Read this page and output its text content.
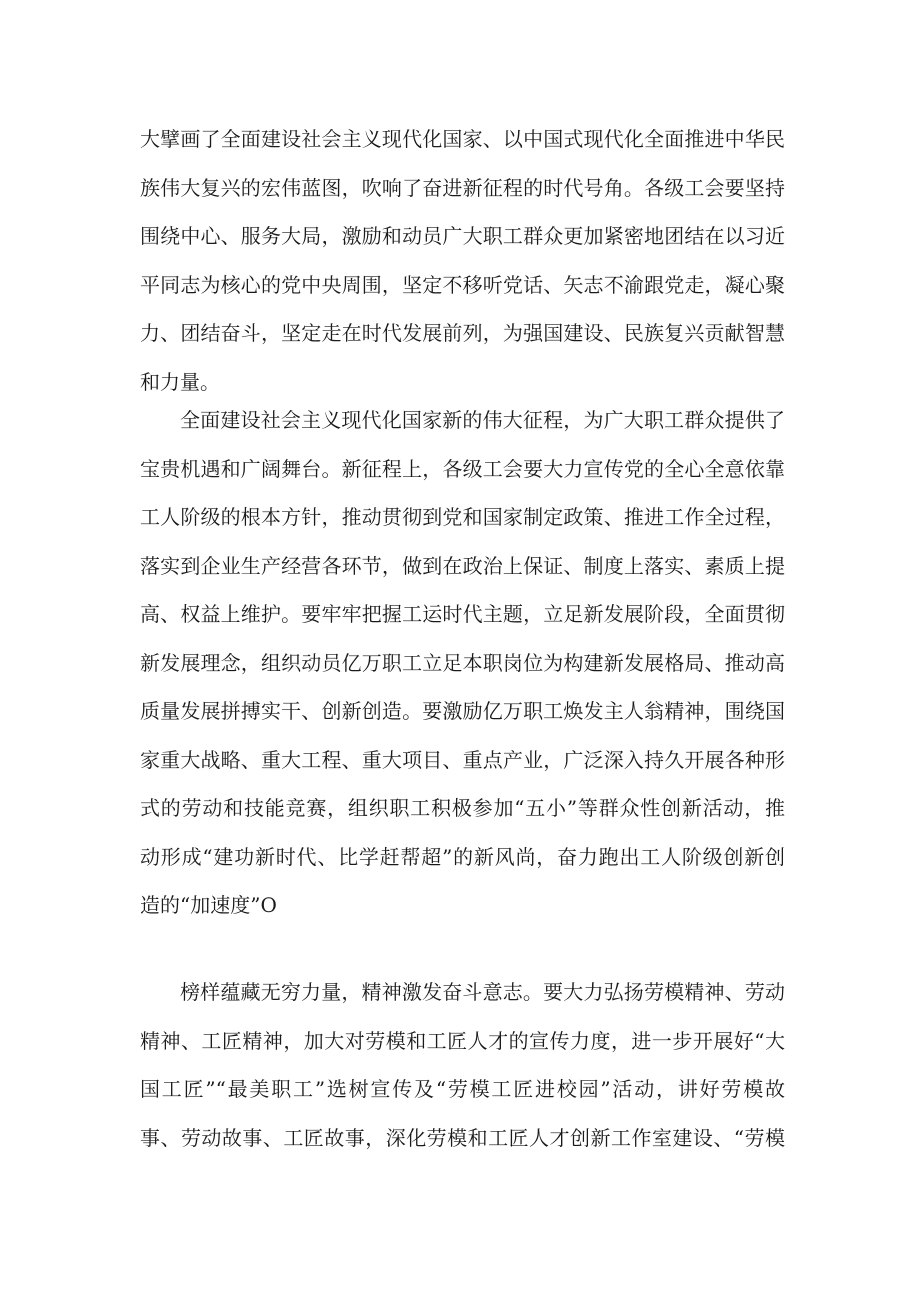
大擘画了全面建设社会主义现代化国家、以中国式现代化全面推进中华民
族伟大复兴的宏伟蓝图，吹响了奋进新征程的时代号角。各级工会要坚持
围绕中心、服务大局，激励和动员广大职工群众更加紧密地团结在以习近
平同志为核心的党中央周围，坚定不移听党话、矢志不渝跟党走，凝心聚
力、团结奋斗，坚定走在时代发展前列，为强国建设、民族复兴贡献智慧
和力量。
全面建设社会主义现代化国家新的伟大征程，为广大职工群众提供了
宝贵机遇和广阔舞台。新征程上，各级工会要大力宣传党的全心全意依靠
工人阶级的根本方针，推动贯彻到党和国家制定政策、推进工作全过程，
落实到企业生产经营各环节，做到在政治上保证、制度上落实、素质上提
高、权益上维护。要牢牢把握工运时代主题，立足新发展阶段，全面贯彻
新发展理念，组织动员亿万职工立足本职岗位为构建新发展格局、推动高
质量发展拼搏实干、创新创造。要激励亿万职工焕发主人翁精神，围绕国
家重大战略、重大工程、重大项目、重点产业，广泛深入持久开展各种形
式的劳动和技能竞赛，组织职工积极参加“五小”等群众性创新活动，推
动形成“建功新时代、比学赶帮超”的新风尚，奋力跑出工人阶级创新创
造的“加速度”O
榜样蕴藏无穷力量，精神激发奋斗意志。要大力弘扬劳模精神、劳动
精神、工匠精神，加大对劳模和工匠人才的宣传力度，进一步开展好“大
国工匠”“最美职工”选树宣传及“劳模工匠进校园”活动，讲好劳模故
事、劳动故事、工匠故事，深化劳模和工匠人才创新工作室建设、“劳模
